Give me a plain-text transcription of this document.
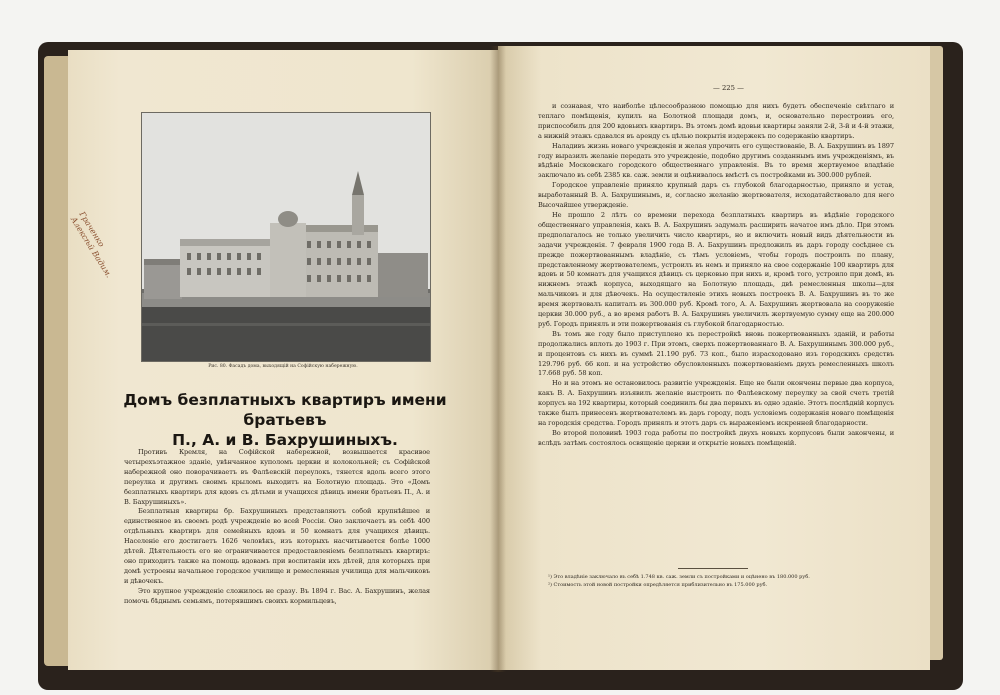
Граченко Алексѣй Вадим.
Рис. 80. Фасадъ дома, выходящій на Софійскую набережную.
Домъ безплатныхъ квартиръ имени братьевъ
П., А. и В. Бахрушиныхъ.

Противъ Кремля, на Софійской набережной, возвышается красивое четырехъэтажное зданіе, увѣнчанное куполомъ церкви и колокольней; съ Софійской набережной оно поворачиваетъ въ Фалѣевскій переулокъ, тянется вдоль всего этого переулка и другимъ своимъ крыломъ выходитъ на Болотную площадь. Это «Домъ безплатныхъ квартиръ для вдовъ съ дѣтьми и учащихся дѣвицъ имени братьевъ П., А. и В. Бахрушиныхъ».

Безплатныя квартиры бр. Бахрушиныхъ представляютъ собой крупнѣйшее и единственное въ своемъ родѣ учрежденіе во всей Россіи. Оно заключаетъ въ себѣ 400 отдѣльныхъ квартиръ для семейныхъ вдовъ и 50 комнатъ для учащихся дѣвицъ. Населеніе его достигаетъ 1626 человѣкъ, изъ которыхъ насчитывается болѣе 1000 дѣтей. Дѣятельность его не ограничивается предоставленіемъ безплатныхъ квартиръ: оно приходитъ также на помощь вдовамъ при воспитаніи ихъ дѣтей, для которыхъ при домѣ устроены начальное городское училище и ремесленныя училища для мальчиковъ и дѣвочекъ.

Это крупное учрежденіе сложилось не сразу. Въ 1894 г. Вас. А. Бахрушинъ, желая помочь бѣднымъ семьямъ, потерявшимъ своихъ кормильцевъ,

— 225 —

и сознавая, что наиболѣе цѣлесообразною помощью для нихъ будетъ обеспеченіе свѣтлаго и теплаго помѣщенія, купилъ на Болотной площади домъ, и, основательно перестроивъ его, приспособилъ для 200 вдовьихъ квартиръ. Въ этомъ домѣ вдовьи квартиры заняли 2-й, 3-й и 4-й этажи, а нижній этажъ сдавался въ аренду съ цѣлью покрытія издержекъ по содержанію квартиръ.

Наладивъ жизнь новаго учрежденія и желая упрочить его существованіе, В. А. Бахрушинъ въ 1897 году выразилъ желаніе передать это учрежденіе, подобно другимъ созданнымъ имъ учрежденіямъ, въ вѣдѣніе Московскаго городского общественнаго управленія. Въ то время жертвуемое владѣніе заключало въ себѣ 2385 кв. саж. земли и оцѣнивалось вмѣстѣ съ постройками въ 300.000 рублей.

Городское управленіе приняло крупный даръ съ глубокой благодарностью, приняло и устав, выработанный В. А. Бахрушинымъ, и, согласно желанію жертвователя, исходатайствовало для него Высочайшее утвержденіе.

Не прошло 2 лѣтъ со времени перехода безплатныхъ квартиръ въ вѣдѣніе городского общественнаго управленія, какъ В. А. Бахрушинъ задумалъ расширить начатое имъ дѣло. При этомъ предполагалось не только увеличить число квартиръ, но и включить новый видъ дѣятельности въ задачи учрежденія. 7 февраля 1900 года В. А. Бахрушинъ предложилъ въ даръ городу сосѣднее съ прежде пожертвованнымъ владѣніе, съ тѣмъ условіемъ, чтобы городъ построилъ по плану, представленному жертвователемъ, устроилъ въ немъ и приняло на свое содержаніе 100 квартиръ для вдовъ и 50 комнатъ для учащихся дѣвицъ съ церковью при нихъ и, кромѣ того, устроило при домѣ, въ нижнемъ этажѣ корпуса, выходящаго на Болотную площадь, двѣ ремесленныя школы—для мальчиковъ и для дѣвочекъ. На осуществленіе этихъ новыхъ построекъ В. А. Бахрушинъ въ то же время жертвовалъ капиталъ въ 300.000 руб. Кромѣ того, А. А. Бахрушинъ жертвовала на сооруженіе церкви 30.000 руб., а во время работъ В. А. Бахрушинъ увеличилъ жертвуемую сумму еще на 200.000 руб. Городъ принялъ и эти пожертвованія съ глубокой благодарностью.

Въ томъ же году было приступлено къ перестройкѣ вновь пожертвованныхъ зданій, и работы продолжались вплоть до 1903 г. При этомъ, сверхъ пожертвованнаго В. А. Бахрушинымъ 300.000 руб., и процентовъ съ нихъ въ суммѣ 21.190 руб. 73 коп., было израсходовано изъ городскихъ средствъ 129.796 руб. 66 коп. и на устройство обусловленныхъ пожертвованіемъ двухъ ремесленныхъ школъ 17.668 руб. 58 коп.

Но и на этомъ не остановилось развитіе учрежденія. Еще не были окончены первые два корпуса, какъ В. А. Бахрушинъ изъявилъ желаніе выстроить по Фалѣевскому переулку за свой счетъ третій корпусъ на 192 квартиры, который соединилъ бы два первыхъ въ одно зданіе. Этотъ послѣдній корпусъ также былъ принесенъ жертвователемъ въ даръ городу, подъ условіемъ содержанія новаго помѣщенія на городскія средства. Городъ принялъ и этотъ даръ съ выраженіемъ искренней благодарности.

Во второй половинѣ 1903 года работы по постройкѣ двухъ новыхъ корпусовъ были закончены, и вслѣдъ затѣмъ состоялось освященіе церкви и открытіе новыхъ помѣщеній.

¹) Это владѣніе заключало въ себѣ 1.748 кв. саж. земли съ постройками и оцѣнено въ 180.000 руб.

²) Стоимость этой новой постройки опредѣляется приблизительно въ 175.000 руб.
